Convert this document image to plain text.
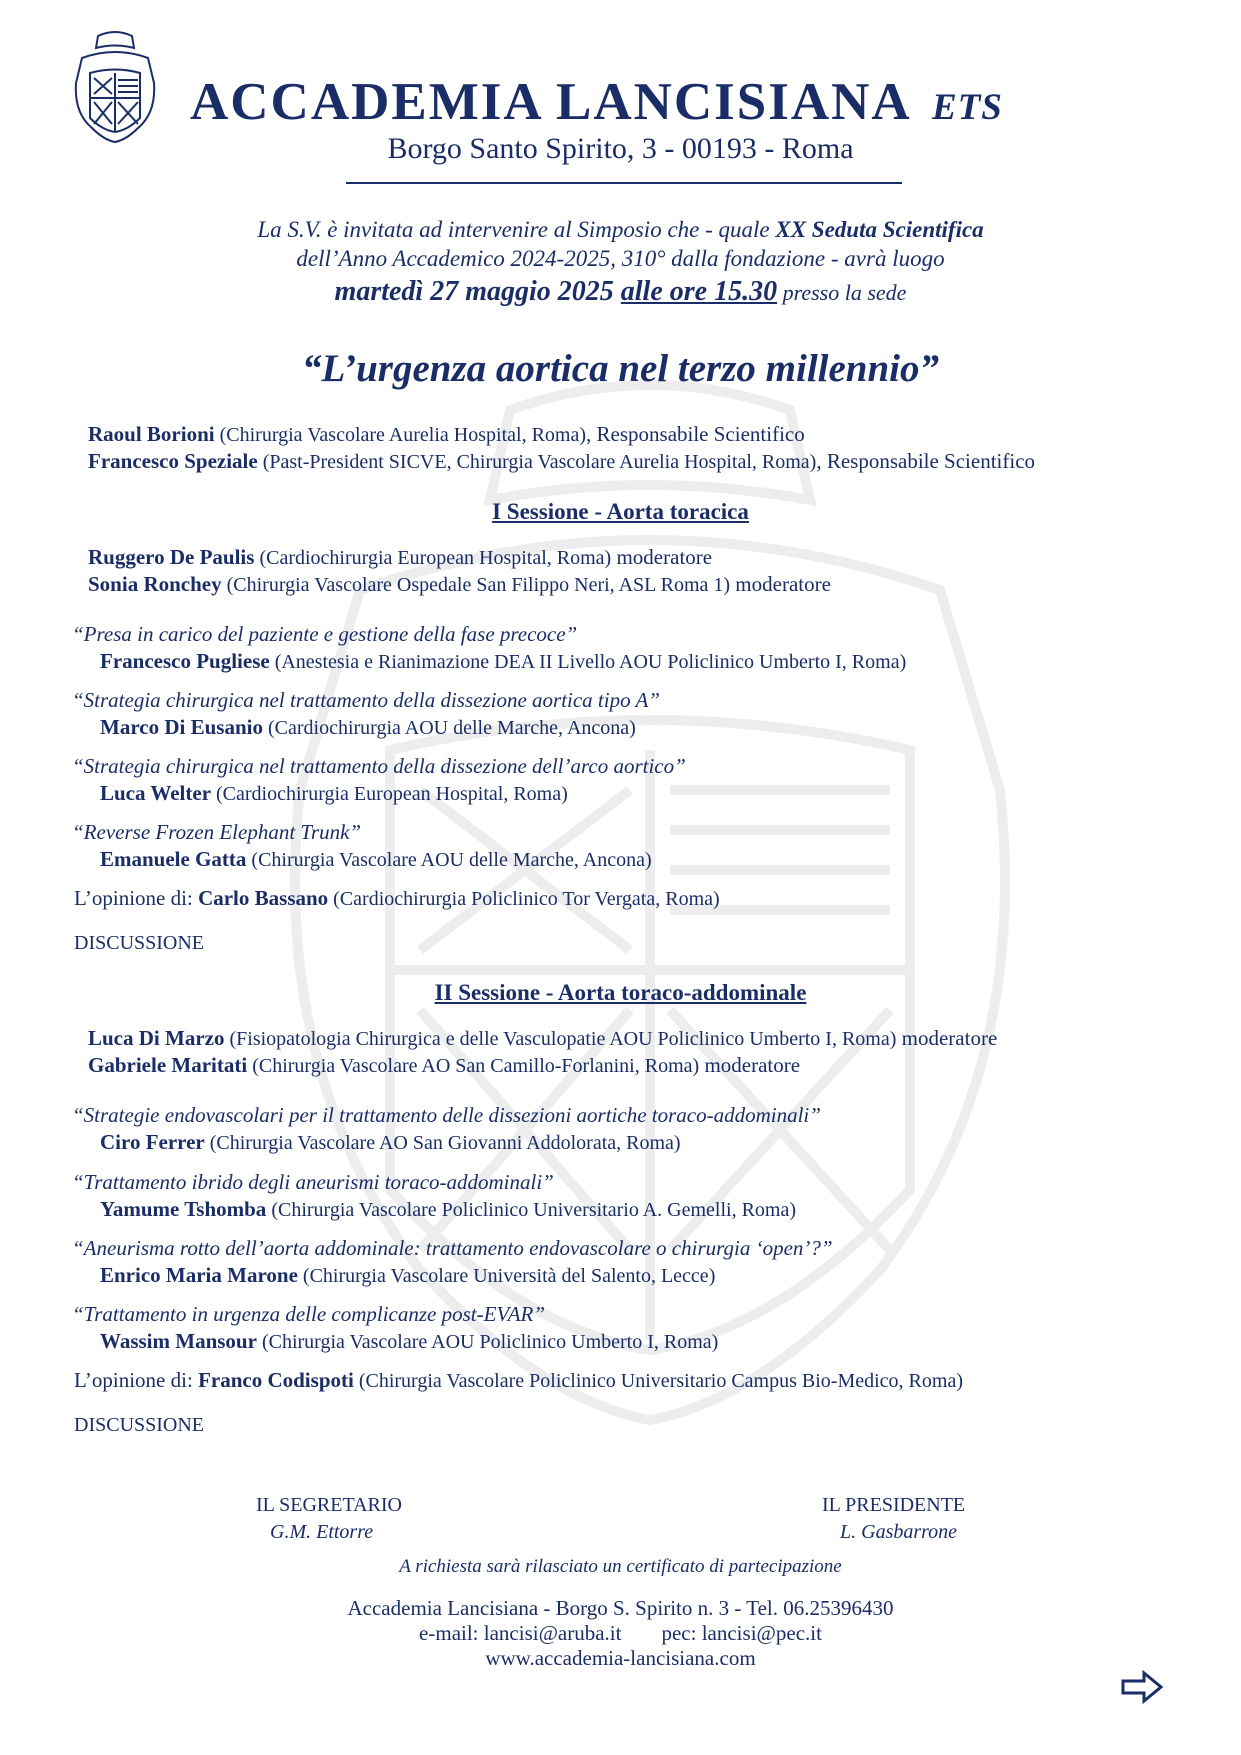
ACCADEMIA LANCISIANA ETS
Borgo Santo Spirito, 3 - 00193 - Roma
La S.V. è invitata ad intervenire al Simposio che - quale XX Seduta Scientifica
dell’Anno Accademico 2024-2025, 310° dalla fondazione - avrà luogo
martedì 27 maggio 2025 alle ore 15.30 presso la sede
“L’urgenza aortica nel terzo millennio”
Raoul Borioni (Chirurgia Vascolare Aurelia Hospital, Roma), Responsabile Scientifico
Francesco Speziale (Past-President SICVE, Chirurgia Vascolare Aurelia Hospital, Roma), Responsabile Scientifico
I Sessione - Aorta toracica
Ruggero De Paulis (Cardiochirurgia European Hospital, Roma) moderatore
Sonia Ronchey (Chirurgia Vascolare Ospedale San Filippo Neri, ASL Roma 1) moderatore
“Presa in carico del paziente e gestione della fase precoce”
Francesco Pugliese (Anestesia e Rianimazione DEA II Livello AOU Policlinico Umberto I, Roma)
“Strategia chirurgica nel trattamento della dissezione aortica tipo A”
Marco Di Eusanio (Cardiochirurgia AOU delle Marche, Ancona)
“Strategia chirurgica nel trattamento della dissezione dell’arco aortico”
Luca Welter (Cardiochirurgia European Hospital, Roma)
“Reverse Frozen Elephant Trunk”
Emanuele Gatta (Chirurgia Vascolare AOU delle Marche, Ancona)
L’opinione di: Carlo Bassano (Cardiochirurgia Policlinico Tor Vergata, Roma)
DISCUSSIONE
II Sessione - Aorta toraco-addominale
Luca Di Marzo (Fisiopatologia Chirurgica e delle Vasculopatie AOU Policlinico Umberto I, Roma) moderatore
Gabriele Maritati (Chirurgia Vascolare AO San Camillo-Forlanini, Roma) moderatore
“Strategie endovascolari per il trattamento delle dissezioni aortiche toraco-addominali”
Ciro Ferrer (Chirurgia Vascolare AO San Giovanni Addolorata, Roma)
“Trattamento ibrido degli aneurismi toraco-addominali”
Yamume Tshomba (Chirurgia Vascolare Policlinico Universitario A. Gemelli, Roma)
“Aneurisma rotto dell’aorta addominale: trattamento endovascolare o chirurgia ‘open’?”
Enrico Maria Marone (Chirurgia Vascolare Università del Salento, Lecce)
“Trattamento in urgenza delle complicanze post-EVAR”
Wassim Mansour (Chirurgia Vascolare AOU Policlinico Umberto I, Roma)
L’opinione di: Franco Codispoti (Chirurgia Vascolare Policlinico Universitario Campus Bio-Medico, Roma)
DISCUSSIONE
IL SEGRETARIO
G.M. Ettorre
IL PRESIDENTE
L. Gasbarrone
A richiesta sarà rilasciato un certificato di partecipazione
Accademia Lancisiana - Borgo S. Spirito n. 3 - Tel. 06.25396430
e-mail: lancisi@aruba.it pec: lancisi@pec.it
www.accademia-lancisiana.com
